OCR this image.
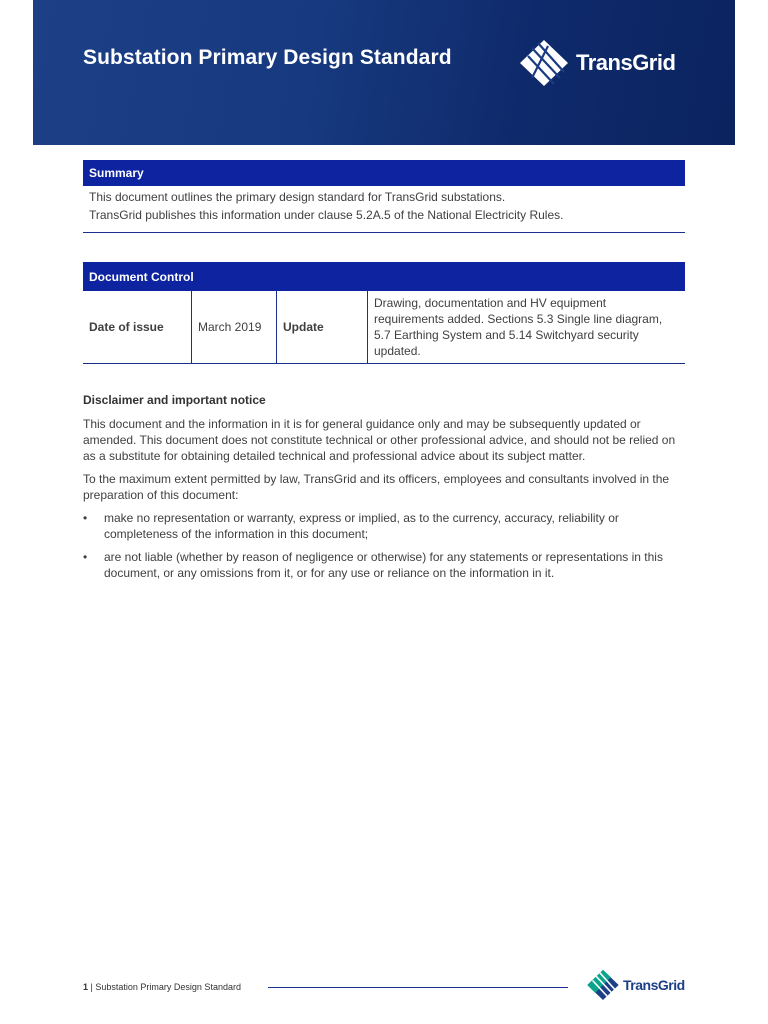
Substation Primary Design Standard	TransGrid
Summary
This document outlines the primary design standard for TransGrid substations.
TransGrid publishes this information under clause 5.2A.5 of the National Electricity Rules.
Document Control
Date of issue	March 2019	Update	Drawing, documentation and HV equipment requirements added. Sections 5.3 Single line diagram, 5.7 Earthing System and 5.14 Switchyard security updated.
Disclaimer and important notice

This document and the information in it is for general guidance only and may be subsequently updated or amended. This document does not constitute technical or other professional advice, and should not be relied on as a substitute for obtaining detailed technical and professional advice about its subject matter.

To the maximum extent permitted by law, TransGrid and its officers, employees and consultants involved in the preparation of this document:

• make no representation or warranty, express or implied, as to the currency, accuracy, reliability or completeness of the information in this document;
• are not liable (whether by reason of negligence or otherwise) for any statements or representations in this document, or any omissions from it, or for any use or reliance on the information in it.
1 | Substation Primary Design Standard	TransGrid
